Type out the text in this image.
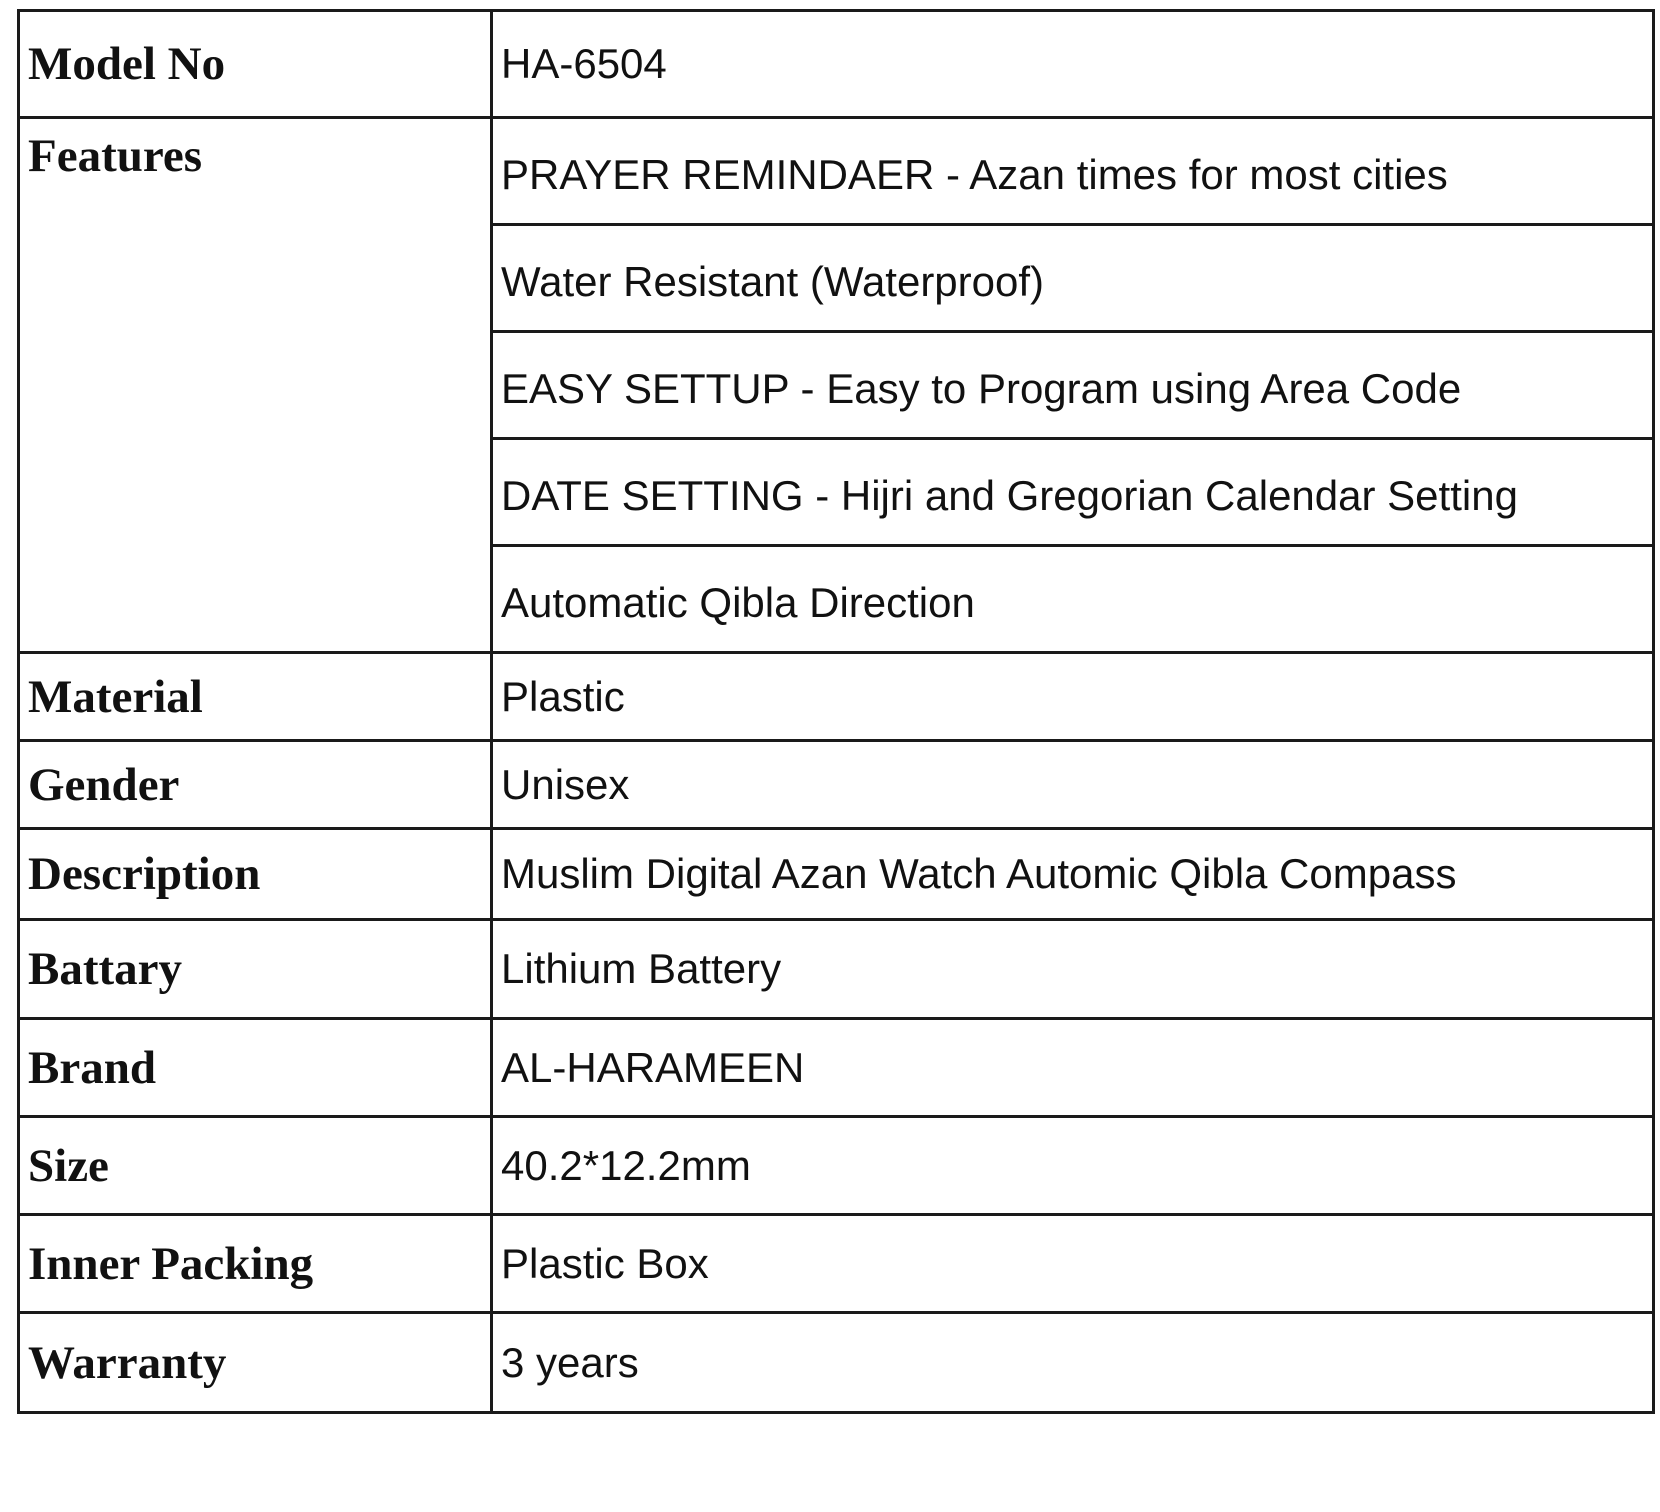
Model No	HA-6504
Features	PRAYER REMINDAER - Azan times for most cities
	Water Resistant (Waterproof)
	EASY SETTUP - Easy to Program using Area Code
	DATE SETTING - Hijri and Gregorian Calendar Setting
	Automatic Qibla Direction
Material	Plastic
Gender	Unisex
Description	Muslim Digital Azan Watch Automic Qibla Compass
Battary	Lithium Battery
Brand	AL-HARAMEEN
Size	40.2*12.2mm
Inner Packing	Plastic Box
Warranty	3 years
